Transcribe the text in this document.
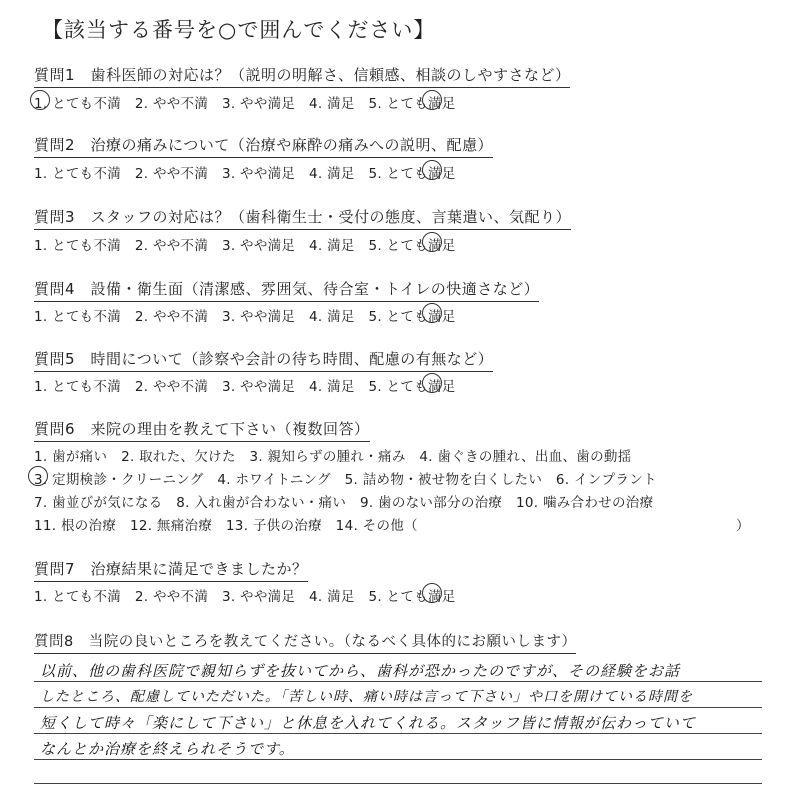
【該当する番号を○で囲んでください】
質問1　歯科医師の対応は？（説明の明解さ、信頼感、相談のしやすさなど）
1. とても不満　2. やや不満　3. やや満足　4. 満足　5. とても満足
質問2　治療の痛みについて（治療や麻酔の痛みへの説明、配慮）
1. とても不満　2. やや不満　3. やや満足　4. 満足　5. とても満足
質問3　スタッフの対応は？（歯科衛生士・受付の態度、言葉遣い、気配り）
1. とても不満　2. やや不満　3. やや満足　4. 満足　5. とても満足
質問4　設備・衛生面（清潔感、雰囲気、待合室・トイレの快適さなど）
1. とても不満　2. やや不満　3. やや満足　4. 満足　5. とても満足
質問5　時間について（診察や会計の待ち時間、配慮の有無など）
1. とても不満　2. やや不満　3. やや満足　4. 満足　5. とても満足
質問6　来院の理由を教えて下さい（複数回答）
1. 歯が痛い　2. 取れた、欠けた　3. 親知らずの腫れ・痛み　4. 歯ぐきの腫れ、出血、歯の動揺
3. 定期検診・クリーニング　4. ホワイトニング　5. 詰め物・被せ物を白くしたい　6. インプラント
7. 歯並びが気になる　8. 入れ歯が合わない・痛い　9. 歯のない部分の治療　10. 噛み合わせの治療
11. 根の治療　12. 無痛治療　13. 子供の治療　14. その他（	）
質問7　治療結果に満足できましたか？
1. とても不満　2. やや不満　3. やや満足　4. 満足　5. とても満足
質問8　当院の良いところを教えてください。（なるべく具体的にお願いします）
以前、他の歯科医院で親知らずを抜いてから、歯科が恐かったのですが、その経験をお話
したところ、配慮していただいた。「苦しい時、痛い時は言って下さい」や口を開けている時間を
短くして時々「楽にして下さい」と休息を入れてくれる。スタッフ皆に情報が伝わっていて
なんとか治療を終えられそうです。
